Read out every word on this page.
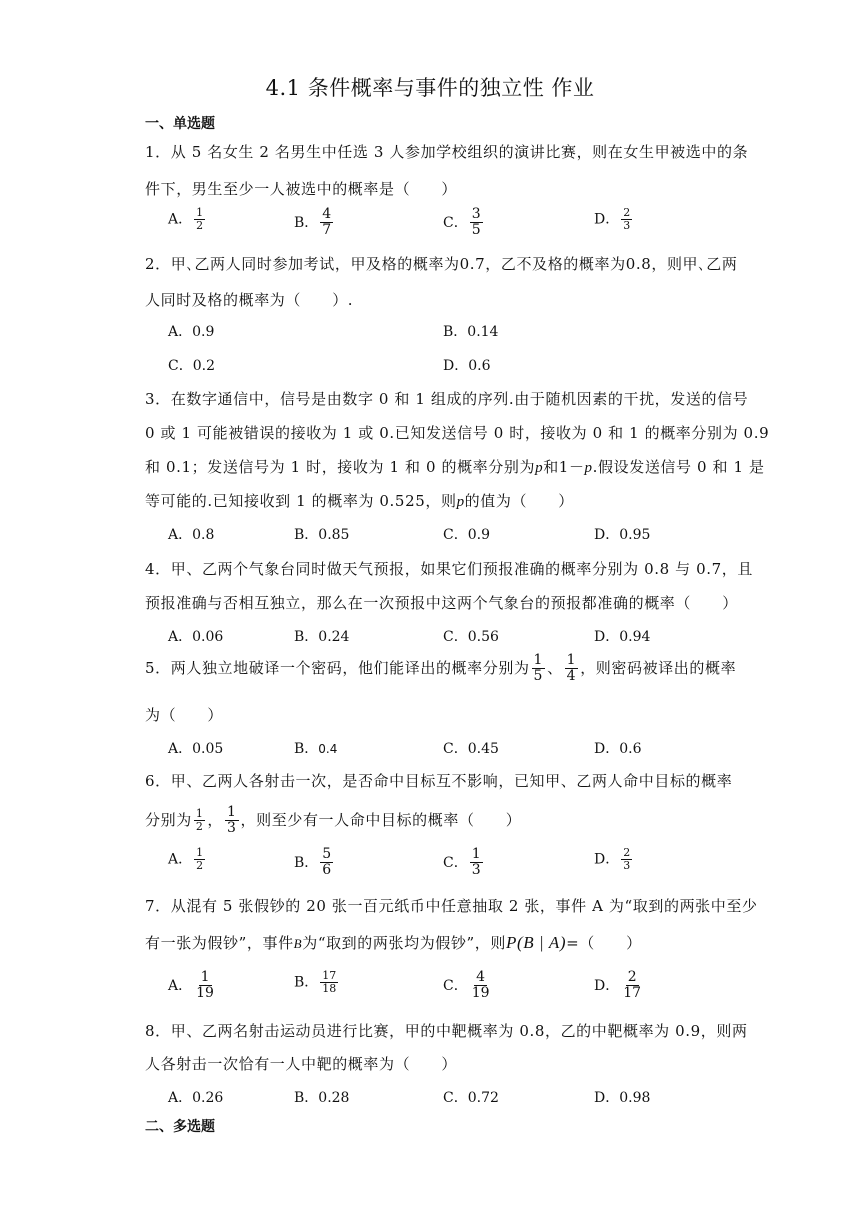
4.1 条件概率与事件的独立性 作业
一、单选题
1．从 5 名女生 2 名男生中任选 3 人参加学校组织的演讲比赛，则在女生甲被选中的条
件下，男生至少一人被选中的概率是（　　）
A． $\frac{1}{2}$	B． $\frac{4}{7}$	C． $\frac{3}{5}$	D． $\frac{2}{3}$
2．甲､乙两人同时参加考试，甲及格的概率为0.7，乙不及格的概率为0.8，则甲､乙两
人同时及格的概率为（　　）.
A．0.9	B．0.14
C．0.2	D．0.6
3．在数字通信中，信号是由数字 0 和 1 组成的序列.由于随机因素的干扰，发送的信号
0 或 1 可能被错误的接收为 1 或 0.已知发送信号 0 时，接收为 0 和 1 的概率分别为 0.9
和 0.1；发送信号为 1 时，接收为 1 和 0 的概率分别为p和1－p.假设发送信号 0 和 1 是
等可能的.已知接收到 1 的概率为 0.525，则p的值为（　　）
A．0.8	B．0.85	C．0.9	D．0.95
4．甲、乙两个气象台同时做天气预报，如果它们预报准确的概率分别为 0.8 与 0.7，且
预报准确与否相互独立，那么在一次预报中这两个气象台的预报都准确的概率（　　）
A．0.06	B．0.24	C．0.56	D．0.94
5．两人独立地破译一个密码，他们能译出的概率分别为 $\frac{1}{5}$ 、 $\frac{1}{4}$ ，则密码被译出的概率
为（　　）
A．0.05	B．0.4	C．0.45	D．0.6
6．甲、乙两人各射击一次，是否命中目标互不影响，已知甲、乙两人命中目标的概率
分别为 $\frac{1}{2}$ ， $\frac{1}{3}$ ，则至少有一人命中目标的概率（　　）
A． $\frac{1}{2}$	B． $\frac{5}{6}$	C． $\frac{1}{3}$	D． $\frac{2}{3}$
7．从混有 5 张假钞的 20 张一百元纸币中任意抽取 2 张，事件 A 为“取到的两张中至少
有一张为假钞”，事件B为“取到的两张均为假钞”，则P(B | A)=（　　）
A． $\frac{1}{19}$	B． $\frac{17}{18}$	C． $\frac{4}{19}$	D． $\frac{2}{17}$
8．甲、乙两名射击运动员进行比赛，甲的中靶概率为 0.8，乙的中靶概率为 0.9，则两
人各射击一次恰有一人中靶的概率为（　　）
A．0.26	B．0.28	C．0.72	D．0.98
二、多选题
